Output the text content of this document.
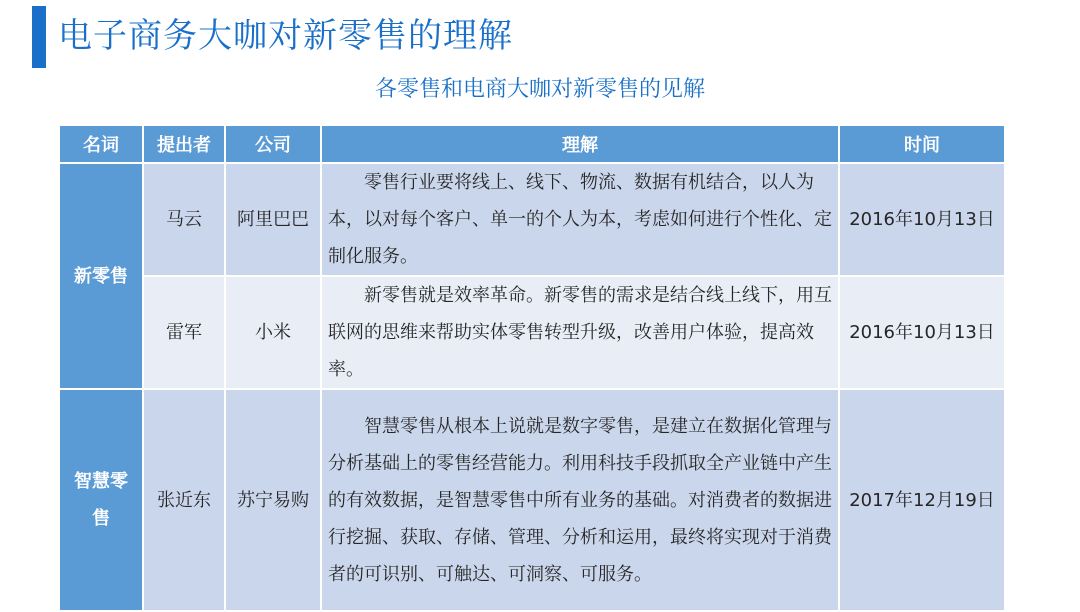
电子商务大咖对新零售的理解

各零售和电商大咖对新零售的见解

名词	提出者	公司	理解	时间
新零售	马云	阿里巴巴	零售行业要将线上、线下、物流、数据有机结合，以人为本，以对每个客户、单一的个人为本，考虑如何进行个性化、定制化服务。	2016年10月13日
	雷军	小米	新零售就是效率革命。新零售的需求是结合线上线下，用互联网的思维来帮助实体零售转型升级，改善用户体验，提高效率。	2016年10月13日
智慧零售	张近东	苏宁易购	智慧零售从根本上说就是数字零售，是建立在数据化管理与分析基础上的零售经营能力。利用科技手段抓取全产业链中产生的有效数据，是智慧零售中所有业务的基础。对消费者的数据进行挖掘、获取、存储、管理、分析和运用，最终将实现对于消费者的可识别、可触达、可洞察、可服务。	2017年12月19日
